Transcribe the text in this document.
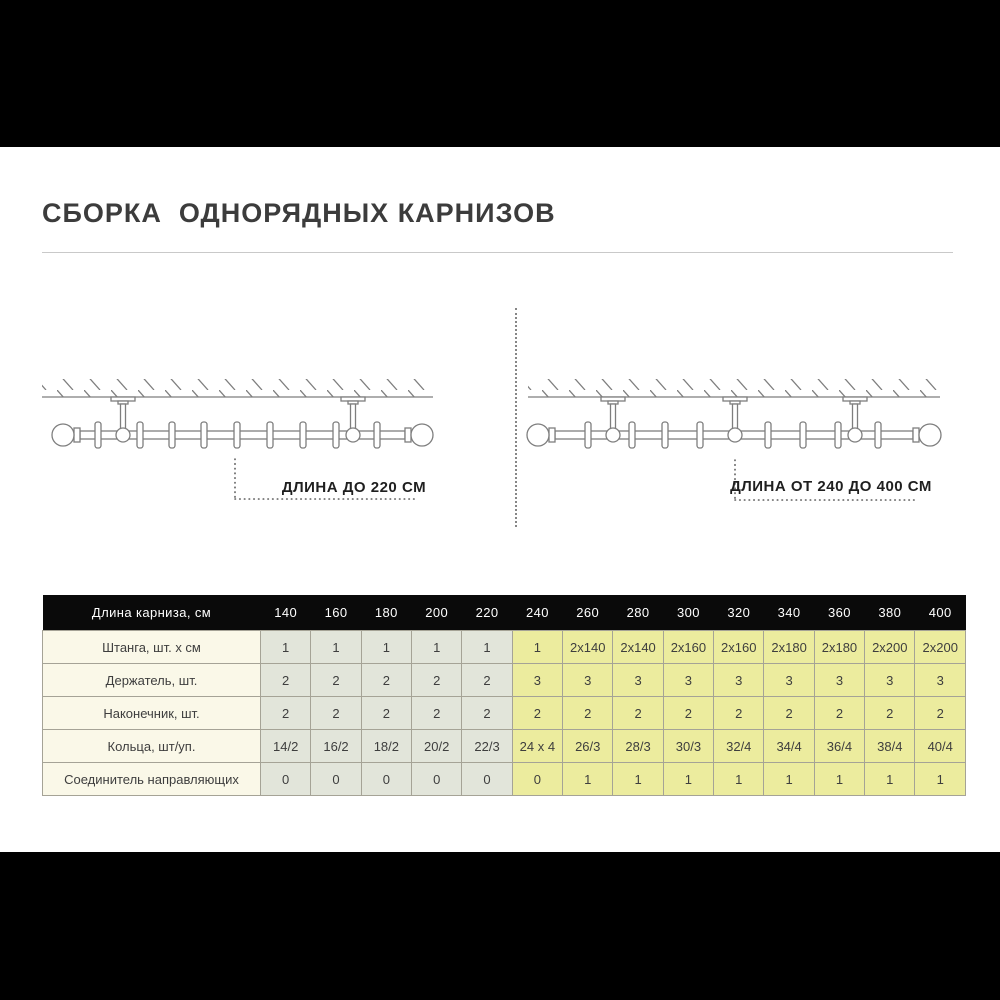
СБОРКА  ОДНОРЯДНЫХ КАРНИЗОВ
ДЛИНА ДО 220 СМ	ДЛИНА ОТ 240 ДО 400 СМ
Длина карниза, см	140	160	180	200	220	240	260	280	300	320	340	360	380	400
Штанга, шт. х см	1	1	1	1	1	1	2x140	2x140	2x160	2x160	2x180	2x180	2x200	2x200
Держатель, шт.	2	2	2	2	2	3	3	3	3	3	3	3	3	3
Наконечник, шт.	2	2	2	2	2	2	2	2	2	2	2	2	2	2
Кольца, шт/уп.	14/2	16/2	18/2	20/2	22/3	24 x 4	26/3	28/3	30/3	32/4	34/4	36/4	38/4	40/4
Соединитель направляющих	0	0	0	0	0	0	1	1	1	1	1	1	1	1
